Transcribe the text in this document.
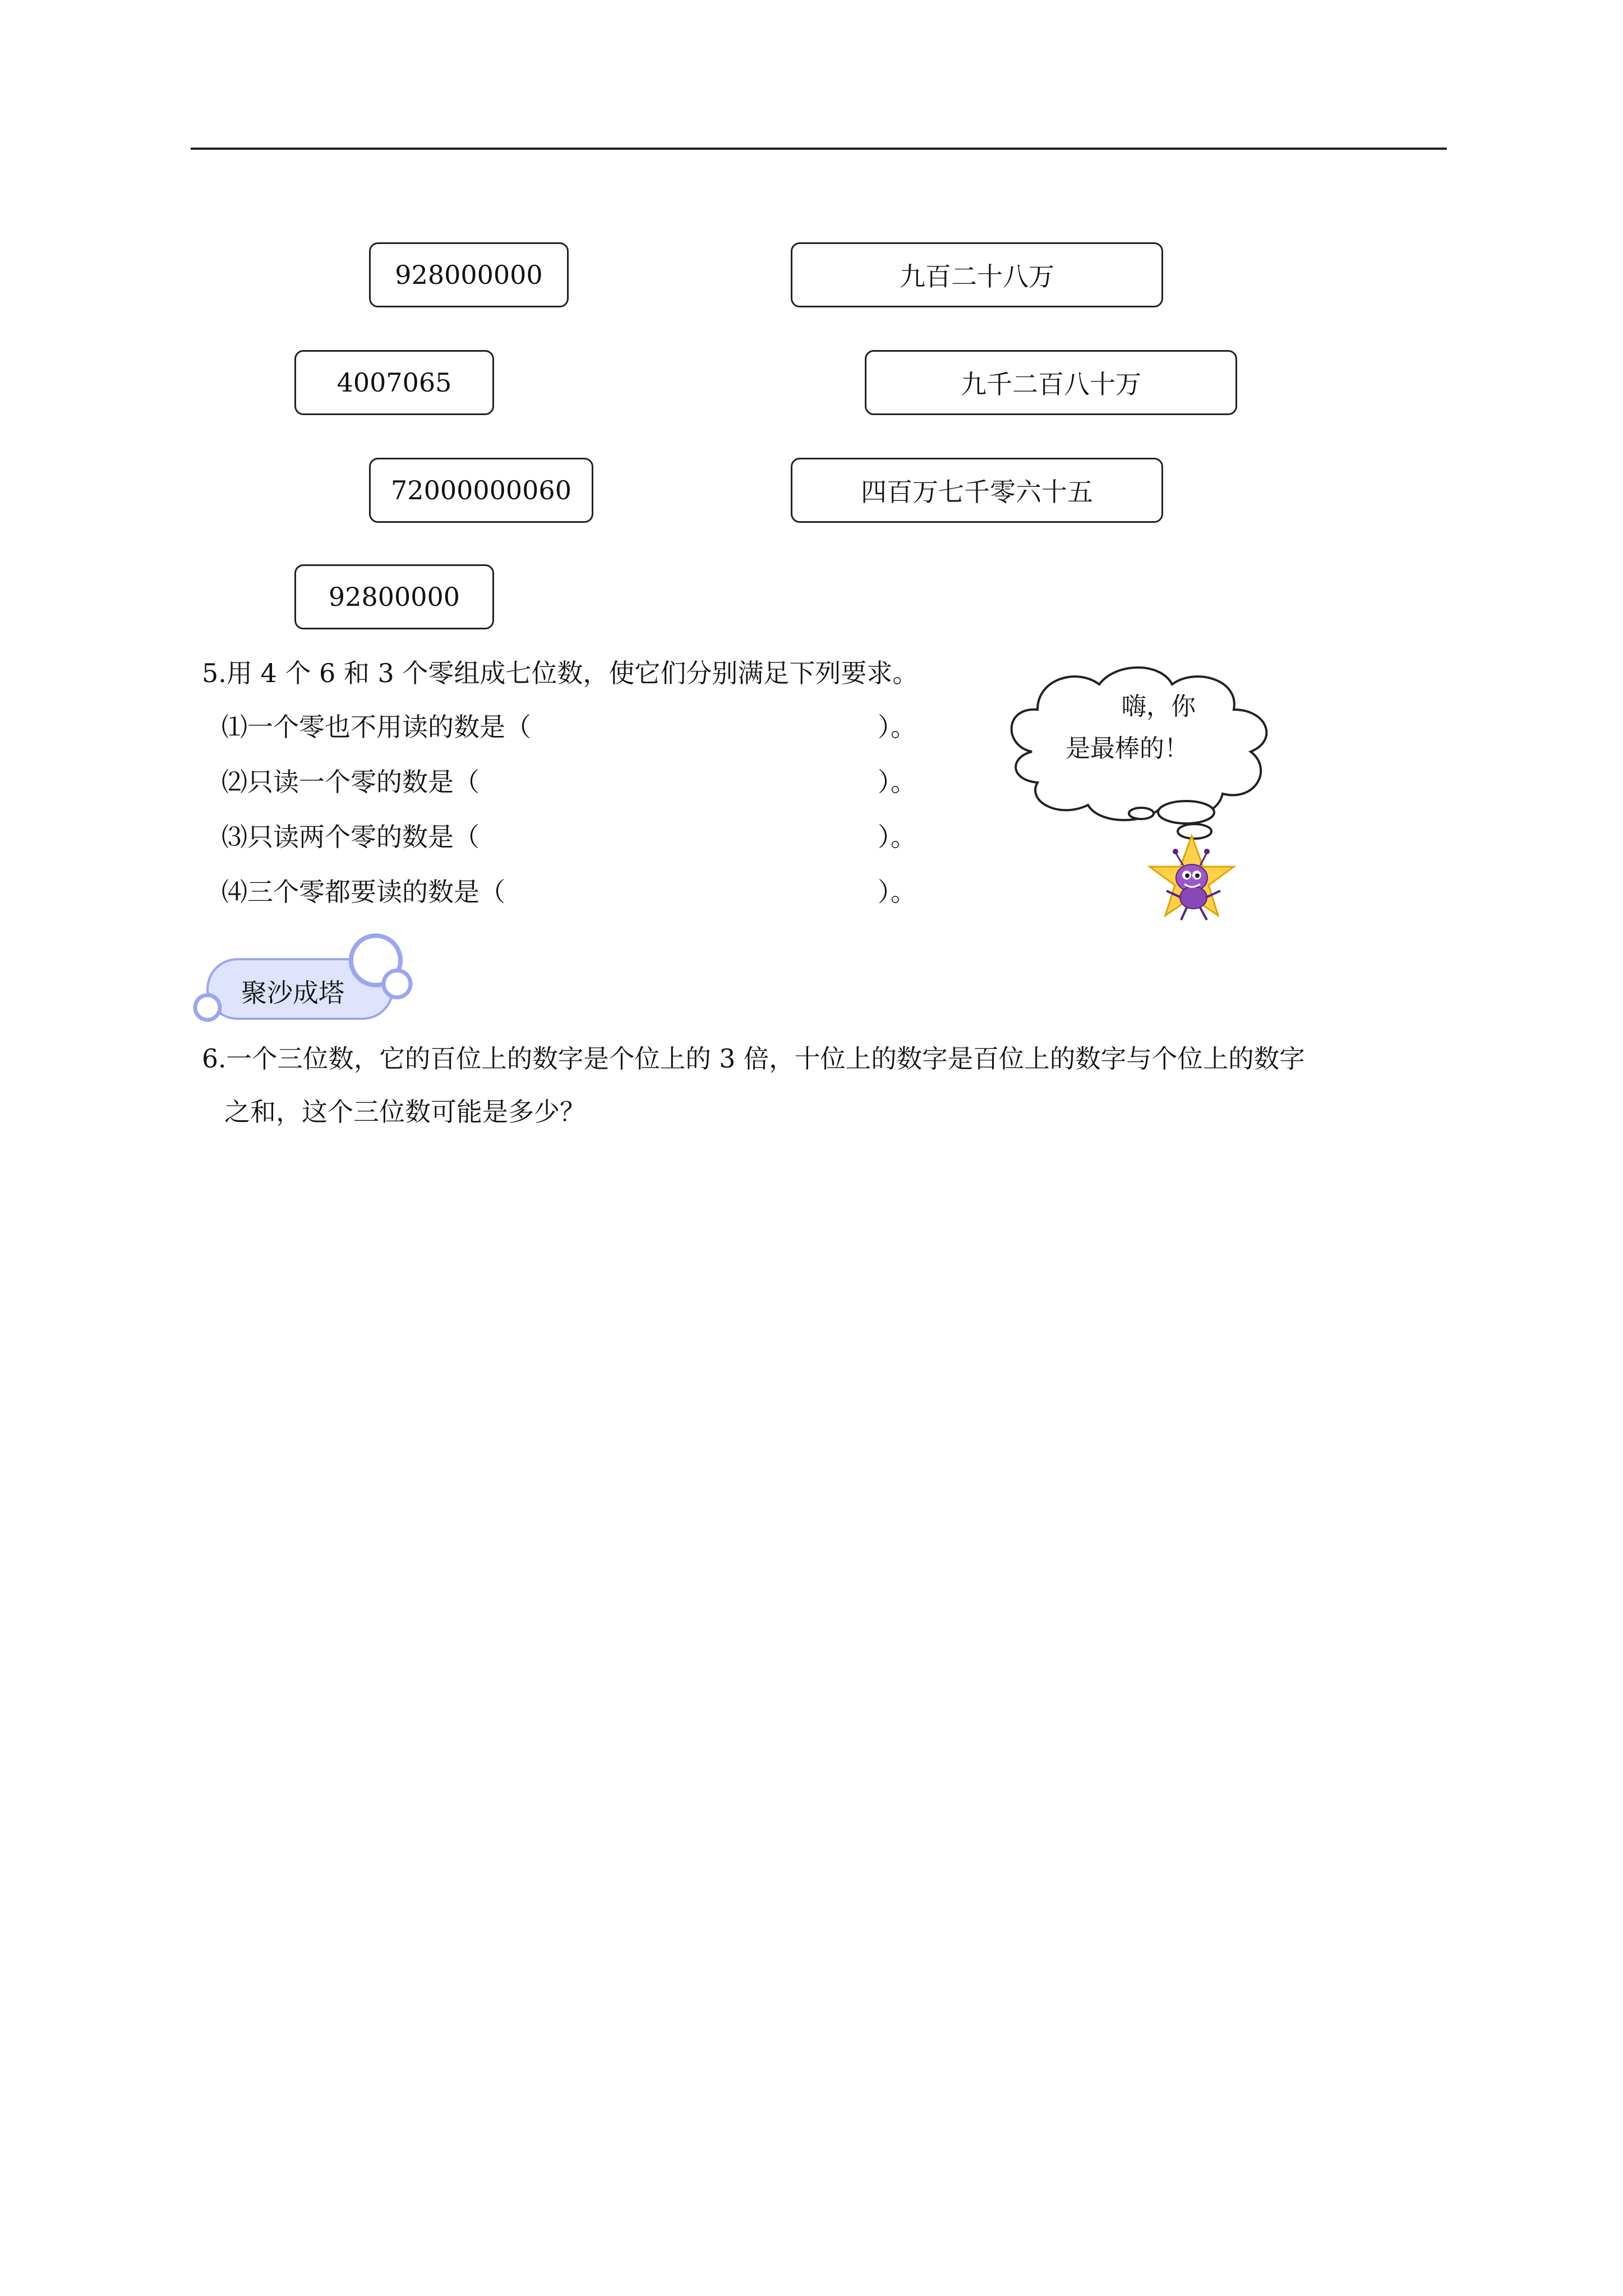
928000000
4007065
72000000060
92800000
九百二十八万
九千二百八十万
四百万七千零六十五
5.用 4 个 6 和 3 个零组成七位数，使它们分别满足下列要求。
⑴一个零也不用读的数是（	）。
⑵只读一个零的数是（	）。
⑶只读两个零的数是（	）。
⑷三个零都要读的数是（	）。
嗨，你
是最棒的！
聚沙成塔
6.一个三位数，它的百位上的数字是个位上的 3 倍，十位上的数字是百位上的数字与个位上的数字
之和，这个三位数可能是多少？
